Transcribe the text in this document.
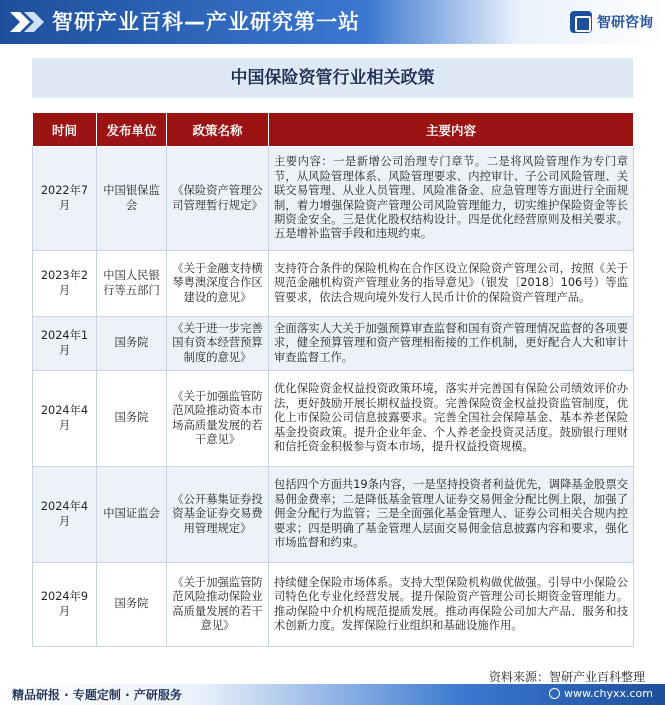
智研产业百科—产业研究第一站	智研咨询
中国保险资管行业相关政策
时间	发布单位	政策名称	主要内容
2022年7月	中国银保监会	《保险资产管理公司管理暂行规定》	主要内容：一是新增公司治理专门章节。二是将风险管理作为专门章节，从风险管理体系、风险管理要求、内控审计、子公司风险管理、关联交易管理、从业人员管理、风险准备金、应急管理等方面进行全面规制，着力增强保险资产管理公司风险管理能力，切实维护保险资金等长期资金安全。三是优化股权结构设计。四是优化经营原则及相关要求。五是增补监管手段和违规约束。
2023年2月	中国人民银行等五部门	《关于金融支持横琴粤澳深度合作区建设的意见》	支持符合条件的保险机构在合作区设立保险资产管理公司，按照《关于规范金融机构资产管理业务的指导意见》（银发〔2018〕106号）等监管要求，依法合规向境外发行人民币计价的保险资产管理产品。
2024年1月	国务院	《关于进一步完善国有资本经营预算制度的意见》	全面落实人大关于加强预算审查监督和国有资产管理情况监督的各项要求，健全预算管理和资产管理相衔接的工作机制，更好配合人大和审计审查监督工作。
2024年4月	国务院	《关于加强监管防范风险推动资本市场高质量发展的若干意见》	优化保险资金权益投资政策环境，落实并完善国有保险公司绩效评价办法，更好鼓励开展长期权益投资。完善保险资金权益投资监管制度，优化上市保险公司信息披露要求。完善全国社会保障基金、基本养老保险基金投资政策。提升企业年金、个人养老金投资灵活度。鼓励银行理财和信托资金积极参与资本市场，提升权益投资规模。
2024年4月	中国证监会	《公开募集证券投资基金证券交易费用管理规定》	包括四个方面共19条内容，一是坚持投资者利益优先，调降基金股票交易佣金费率；二是降低基金管理人证券交易佣金分配比例上限，加强了佣金分配行为监管；三是全面强化基金管理人、证券公司相关合规内控要求；四是明确了基金管理人层面交易佣金信息披露内容和要求，强化市场监督和约束。
2024年9月	国务院	《关于加强监管防范风险推动保险业高质量发展的若干意见》	持续健全保险市场体系。支持大型保险机构做优做强。引导中小保险公司特色化专业化经营发展。提升保险资产管理公司长期资金管理能力。推动保险中介机构规范提质发展。推动再保险公司加大产品、服务和技术创新力度。发挥保险行业组织和基础设施作用。
资料来源：智研产业百科整理
精品研报 · 专题定制 · 产研服务	www.chyxx.com
